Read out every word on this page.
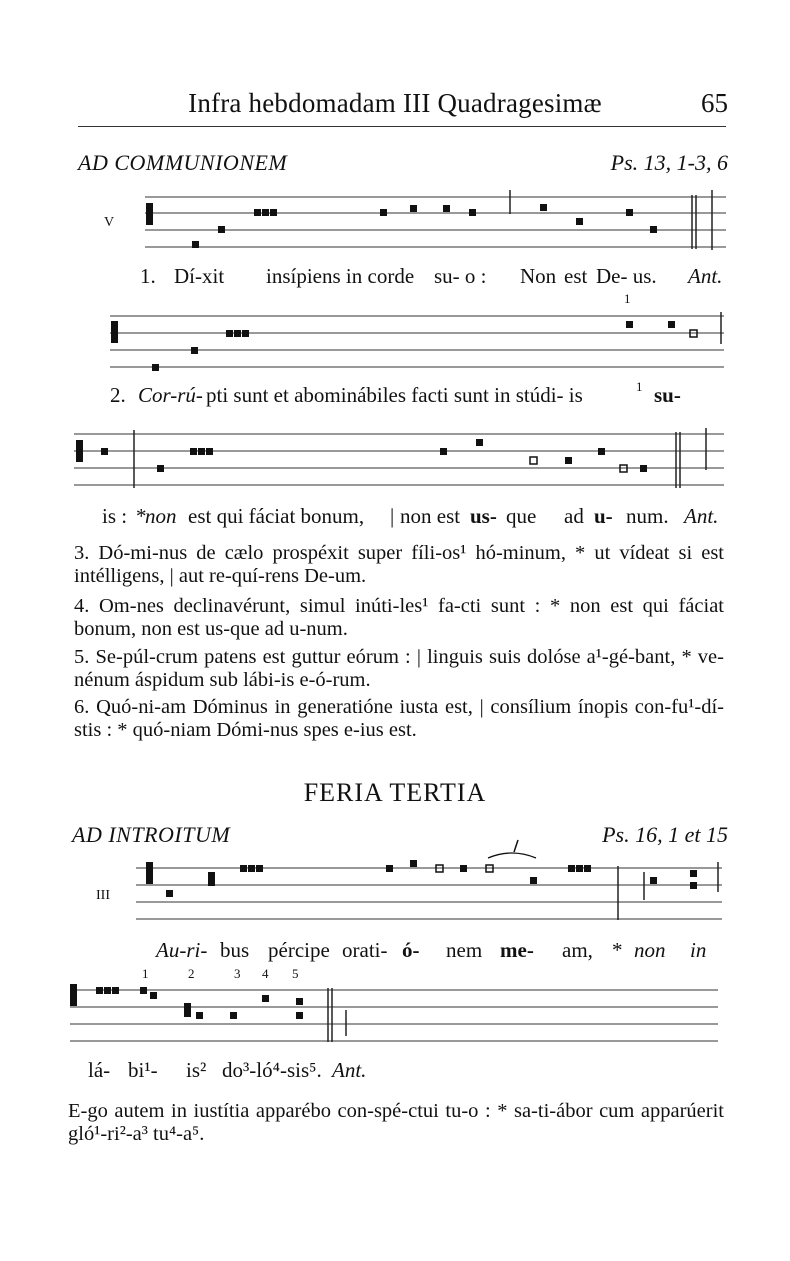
Infra hebdomadam III Quadragesimæ	65
AD COMMUNIONEM	Ps. 13, 1-3, 6
V
1. Dí-xit insípiens in corde su- o : Non est De- us. Ant.
1
2. Cor-rú- pti sunt et abominábiles facti sunt in stúdi- is	1 su-
is : *
non est qui fáciat bonum, | non est us- que ad u- num. Ant.
3. Dó-mi-nus de cælo prospéxit super fíli-os¹ hó-minum, * ut vídeat si est intélligens, | aut re-quí-rens De-um.
4. Om-nes declinavérunt, simul inúti-les¹ fa-cti sunt : * non est qui fáciat bonum, non est us-que ad u-num.
5. Se-púl-crum patens est guttur eórum : | linguis suis dolóse a¹-gé-bant, * ve-nénum áspidum sub lábi-is e-ó-rum.
6. Quó-ni-am Dóminus in generatióne iusta est, | consílium ínopis con-fu¹-dí-stis : * quó-niam Dómi-nus spes e-ius est.
FERIA TERTIA
AD INTROITUM	Ps. 16, 1 et 15
III
Au-ri- bus pércipe orati- ó- nem me- am, * non in
1	2	3 4 5
lá- bi¹- is² do³-ló⁴-sis⁵. Ant.
E-go autem in iustítia apparébo con-spé-ctui tu-o : * sa-ti-ábor cum apparúerit gló¹-ri²-a³ tu⁴-a⁵.
